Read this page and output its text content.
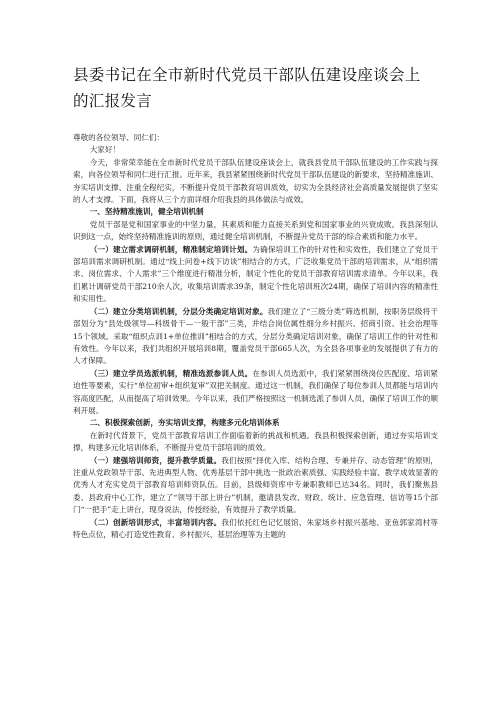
县委书记在全市新时代党员干部队伍建设座谈会上
的汇报发言

尊敬的各位领导、同仁们：

大家好！

今天，非常荣幸能在全市新时代党员干部队伍建设座谈会上，就我县党员干部队伍建设的工作实践与探索，向各位领导和同仁进行汇报。近年来，我县紧紧围绕新时代党员干部队伍建设的新要求，坚持精准施训、夯实培训支撑、注重全程纪实，不断提升党员干部教育培训质效，切实为全县经济社会高质量发展提供了坚实的人才支撑。下面，我将从三个方面详细介绍我县的具体做法与成效。

一、坚持精准施训，健全培训机制

党员干部是党和国家事业的中坚力量，其素质和能力直接关系到党和国家事业的兴衰成败。我县深刻认识到这一点，始终坚持精准施训的原则，通过健全培训机制，不断提升党员干部的综合素质和能力水平。

（一）建立需求调研机制，精准制定培训计划。为确保培训工作的针对性和实效性，我们建立了党员干部培训需求调研机制。通过“线上问卷+线下访谈”相结合的方式，广泛收集党员干部的培训需求，从“组织需求、岗位需求、个人需求”三个维度进行精准分析，制定个性化的党员干部教育培训需求清单。今年以来，我们累计调研党员干部210余人次，收集培训需求39条，制定个性化培训班次24期，确保了培训内容的精准性和实用性。

（二）建立分类培训机制，分层分类确定培训对象。我们建立了“三级分类”筛选机制，按职务层级将干部划分为“县处级领导—科级骨干—一般干部”三类，并结合岗位属性细分乡村振兴、招商引资、社会治理等15个领域。采取“组织点训1+单位推训”相结合的方式，分层分类确定培训对象，确保了培训工作的针对性和有效性。今年以来，我们共组织开展培训8期，覆盖党员干部665人次，为全县各项事业的发展提供了有力的人才保障。

（三）建立学员选派机制，精准选派参训人员。在参训人员选派中，我们紧紧围绕岗位匹配度、培训紧迫性等要素，实行“单位初审+组织复审”双把关制度。通过这一机制，我们确保了每位参训人员都能与培训内容高度匹配，从而提高了培训效果。今年以来，我们严格按照这一机制选派了参训人员，确保了培训工作的顺利开展。

二、积极探索创新，夯实培训支撑，构建多元化培训体系

在新时代背景下，党员干部教育培训工作面临着新的挑战和机遇。我县积极探索创新，通过夯实培训支撑，构建多元化培训体系，不断提升党员干部培训的质效。

（一）建强培训师资，提升教学质量。我们按照“择优入库、结构合理、专兼并存、动态管理”的原则，注重从党政领导干部、先进典型人物、优秀基层干部中挑选一批政治素质强、实践经验丰富、教学成效显著的优秀人才充实党员干部教育培训师资队伍。目前，县级师资库中专兼职教师已达34名。同时，我们聚焦县委、县政府中心工作，建立了“领导干部上讲台”机制，邀请县发改、财政、统计、应急管理、信访等15个部门“一把手”走上讲台，现身说法，传授经验，有效提升了教学质量。

（二）创新培训形式，丰富培训内容。我们依托红色记忆展馆、朱家场乡村振兴基地、亚鱼郭家湾村等特色点位，精心打造党性教育、乡村振兴、基层治理等为主题的
